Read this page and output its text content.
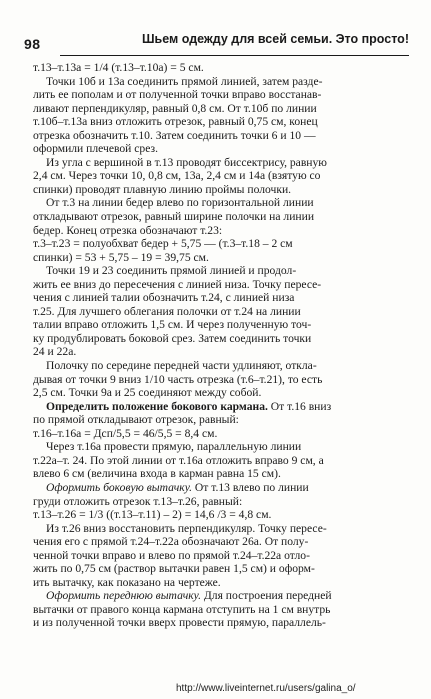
98	Шьем одежду для всей семьи. Это просто!
т.13–т.13а = 1/4 (т.13–т.10а) = 5 см.
Точки 10б и 13а соединить прямой линией, затем разде-
лить ее пополам и от полученной точки вправо восстанав-
ливают перпендикуляр, равный 0,8 см. От т.10б по линии
т.10б–т.13а вниз отложить отрезок, равный 0,75 см, конец
отрезка обозначить т.10. Затем соединить точки 6 и 10 —
оформили плечевой срез.
Из угла с вершиной в т.13 проводят биссектрису, равную
2,4 см. Через точки 10, 0,8 см, 13а, 2,4 см и 14а (взятую со
спинки) проводят плавную линию проймы полочки.
От т.3 на линии бедер влево по горизонтальной линии
откладывают отрезок, равный ширине полочки на линии
бедер. Конец отрезка обозначают т.23:
т.3–т.23 = полуобхват бедер + 5,75 — (т.3–т.18 – 2 см
спинки) = 53 + 5,75 – 19 = 39,75 см.
Точки 19 и 23 соединить прямой линией и продол-
жить ее вниз до пересечения с линией низа. Точку пересе-
чения с линией талии обозначить т.24, с линией низа
т.25. Для лучшего облегания полочки от т.24 на линии
талии вправо отложить 1,5 см. И через полученную точ-
ку продублировать боковой срез. Затем соединить точки
24 и 22а.
Полочку по середине передней части удлиняют, откла-
дывая от точки 9 вниз 1/10 часть отрезка (т.6–т.21), то есть
2,5 см. Точки 9а и 25 соединяют между собой.
Определить положение бокового кармана. От т.16 вниз
по прямой откладывают отрезок, равный:
т.16–т.16а = Дсп/5,5 = 46/5,5 = 8,4 см.
Через т.16а провести прямую, параллельную линии
т.22а–т. 24. По этой линии от т.16а отложить вправо 9 см, а
влево 6 см (величина входа в карман равна 15 см).
Оформить боковую вытачку. От т.13 влево по линии
груди отложить отрезок т.13–т.26, равный:
т.13–т.26 = 1/3 ((т.13–т.11) – 2) = 14,6 /3 = 4,8 см.
Из т.26 вниз восстановить перпендикуляр. Точку пересе-
чения его с прямой т.24–т.22а обозначают 26а. От полу-
ченной точки вправо и влево по прямой т.24–т.22а отло-
жить по 0,75 см (раствор вытачки равен 1,5 см) и оформ-
ить вытачку, как показано на чертеже.
Оформить переднюю вытачку. Для построения передней
вытачки от правого конца кармана отступить на 1 см внутрь
и из полученной точки вверх провести прямую, параллель-
http://www.liveinternet.ru/users/galina_o/
